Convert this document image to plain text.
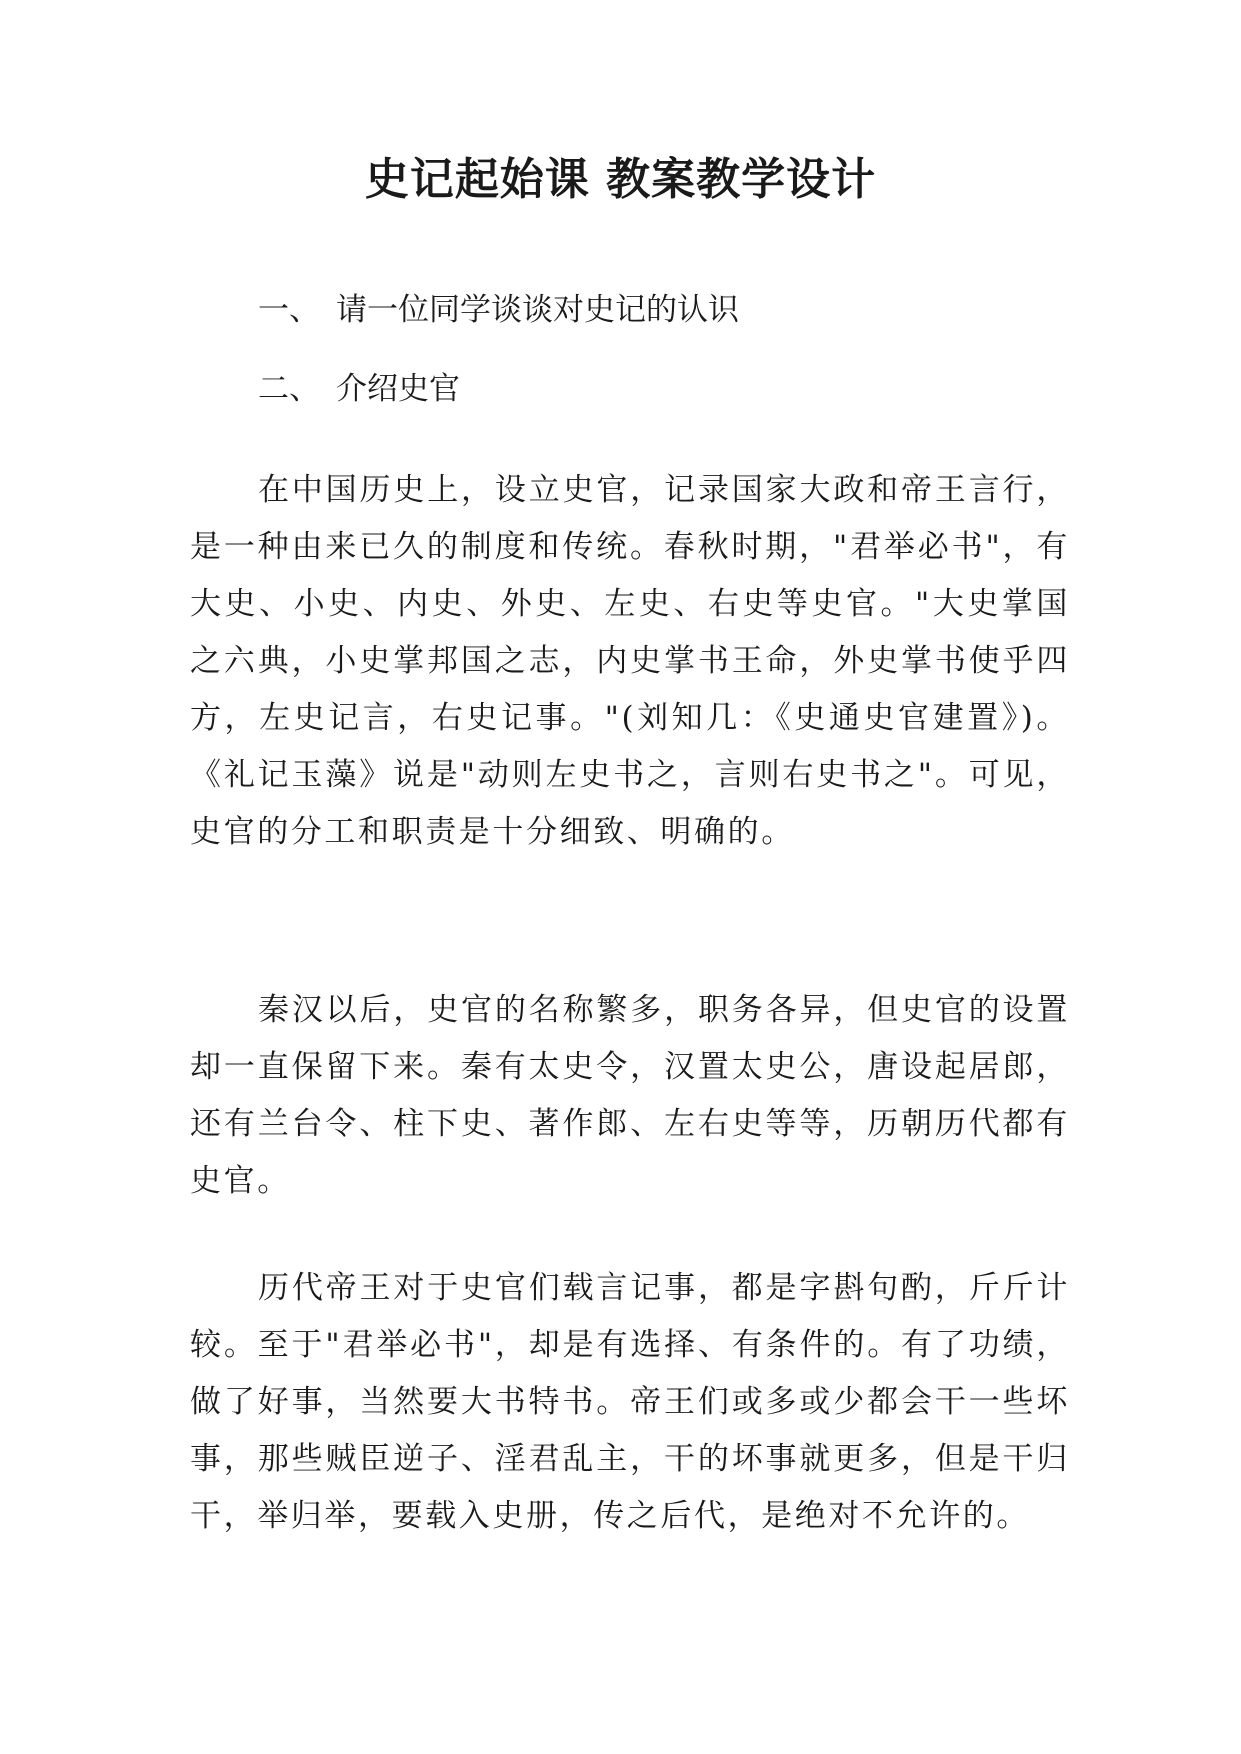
史记起始课 教案教学设计

一、 请一位同学谈谈对史记的认识

二、 介绍史官

在中国历史上，设立史官，记录国家大政和帝王言行，是一种由来已久的制度和传统。春秋时期，"君举必书"，有大史、小史、内史、外史、左史、右史等史官。"大史掌国之六典，小史掌邦国之志，内史掌书王命，外史掌书使乎四方，左史记言，右史记事。"(刘知几：《史通史官建置》)。《礼记玉藻》说是"动则左史书之，言则右史书之"。可见，史官的分工和职责是十分细致、明确的。

秦汉以后，史官的名称繁多，职务各异，但史官的设置却一直保留下来。秦有太史令，汉置太史公，唐设起居郎，还有兰台令、柱下史、著作郎、左右史等等，历朝历代都有史官。

历代帝王对于史官们载言记事，都是字斟句酌，斤斤计较。至于"君举必书"，却是有选择、有条件的。有了功绩，做了好事，当然要大书特书。帝王们或多或少都会干一些坏事，那些贼臣逆子、淫君乱主，干的坏事就更多，但是干归干，举归举，要载入史册，传之后代，是绝对不允许的。
